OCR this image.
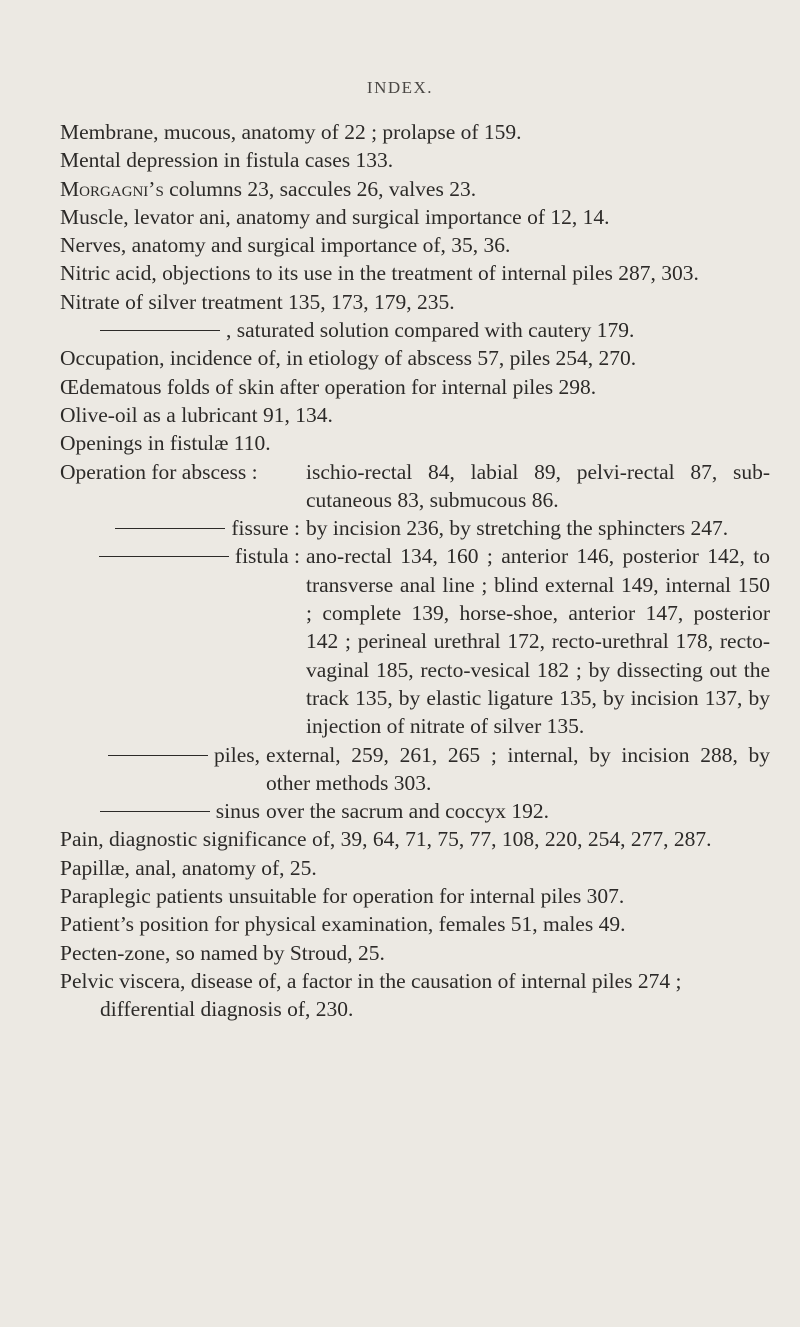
INDEX.
Membrane, mucous, anatomy of 22 ; prolapse of 159.
Mental depression in fistula cases 133.
Morgagni’s columns 23, saccules 26, valves 23.
Muscle, levator ani, anatomy and surgical importance of 12, 14.
Nerves, anatomy and surgical importance of, 35, 36.
Nitric acid, objections to its use in the treatment of internal piles 287, 303.
Nitrate of silver treatment 135, 173, 179, 235.
, saturated solution compared with cautery 179.
Occupation, incidence of, in etiology of abscess 57, piles 254, 270.
Œdematous folds of skin after operation for internal piles 298.
Olive-oil as a lubricant 91, 134.
Openings in fistulæ 110.
Operation for abscess : ischio-rectal 84, labial 89, pelvi-rectal 87, sub-cutaneous 83, submucous 86.
fissure : by incision 236, by stretching the sphincters 247.
fistula : ano-rectal 134, 160 ; anterior 146, posterior 142, to transverse anal line ; blind external 149, internal 150 ; complete 139, horse-shoe, anterior 147, posterior 142 ; perineal urethral 172, recto-urethral 178, recto-vaginal 185, recto-vesical 182 ; by dissecting out the track 135, by elastic ligature 135, by incision 137, by injection of nitrate of silver 135.
piles, external, 259, 261, 265 ; internal, by incision 288, by other methods 303.
sinus over the sacrum and coccyx 192.
Pain, diagnostic significance of, 39, 64, 71, 75, 77, 108, 220, 254, 277, 287.
Papillæ, anal, anatomy of, 25.
Paraplegic patients unsuitable for operation for internal piles 307.
Patient’s position for physical examination, females 51, males 49.
Pecten-zone, so named by Stroud, 25.
Pelvic viscera, disease of, a factor in the causation of internal piles 274 ; differential diagnosis of, 230.
